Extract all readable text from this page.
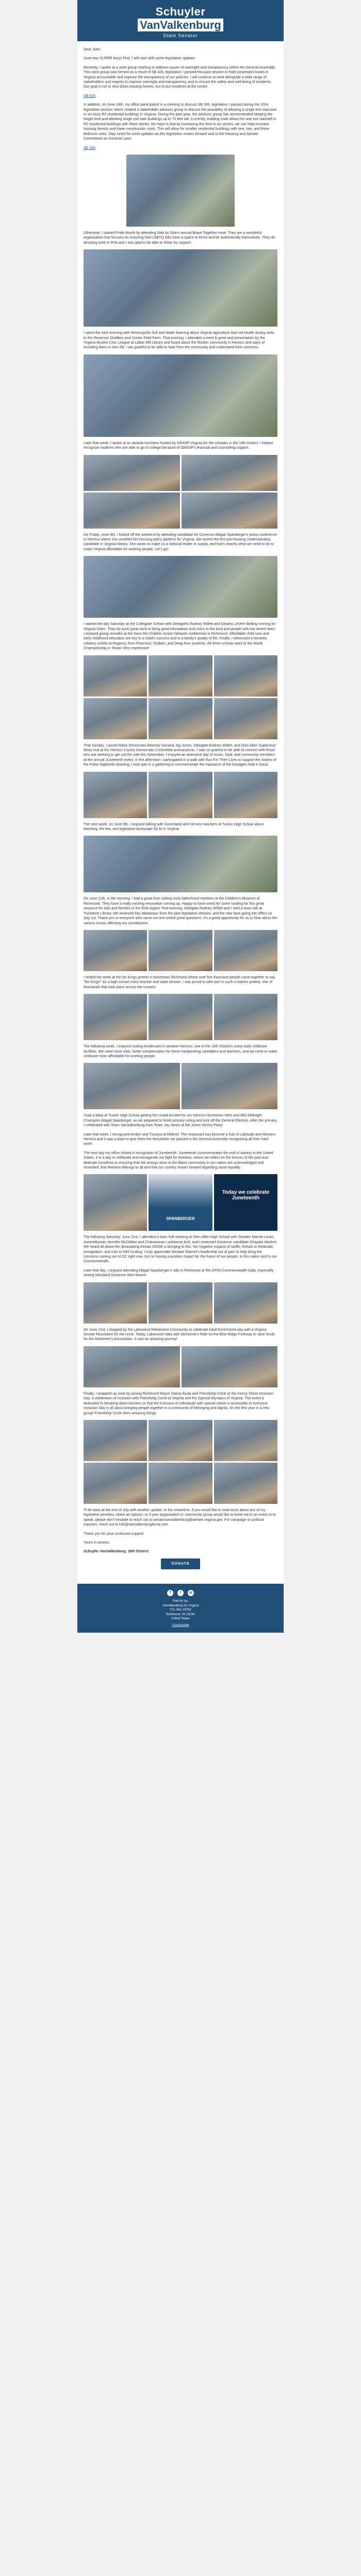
Schuyler
VanValkenburg
State Senator

Dear John,

June was SUPER busy! First, I will start with some legislative updates.

Recently, I spoke at a work group meeting to address issues of oversight and transparency within the General Assembly. This work group was formed as a result of SB 426, legislation I passed this past session to hold convenient boxes in Virginia accountable and improve the transparency of our policies. I will continue to work alongside a wide range of stakeholders and experts to improve oversight and transparency, and to ensure the safety and well-being of residents. Our goal is not to shut down existing homes, but to put residents at the center.

SB 426

In addition, on June 24th, my office participated in a meeting to discuss SB 395, legislation I passed during the 2024 legislative session which created a stakeholder advisory group to discuss the possibility of allowing a single exit staircase in six-story R2 residential buildings in Virginia. During the past year, the advisory group has recommended keeping the height limit and allowing single exit stair buildings up to 75 feet tall. Currently, building code allows for one exit stairwell in R2 residential buildings with three stories. My hope is that by increasing this limit to six stories, we can help increase housing density and lower construction costs. This will allow for smaller residential buildings with one, two, and three bedroom units. Stay tuned for more updates as this legislation moves forward and to the Housing and Senate Committees on General Laws.

SB 395

Otherwise, I started Pride Month by attending Side by Side's annual Brave Together meal. They are a wonderful organization that focuses on ensuring that LGBTQ kids have a space to thrive and be authentically themselves. They do amazing work in RVA and I was glad to be able to show my support.

I spent the next morning with Henricopolis Soil and Water learning about Virginia agriculture and soil health during visits to the Reservoir Distillery and Cream Field Farm. That evening, I attended a meet & greet and presentation by the Virginia Muslim Civic League at Libbie Mill Library and heard about the Muslim community in Henrico and ways of including them in civic life. I am grateful to be able to hear from the community and understand their concerns.

Later that week, I spoke at an awards luncheon hosted by GRASP Virginia for the scholars in the 16th District. I helped recognize students who are able to go to college because of GRASP's financial and counseling support.

On Friday, June 6th, I kicked off the weekend by attending candidate for Governor Abigail Spanberger's press conference in Henrico where she unveiled her housing policy platform for Virginia. We toured the first pro-housing Understanding candidate in Virginia history. She wants to make us a national leader in supply, and that's exactly what we need to do to make Virginia affordable for working people. Let's go!

I started the day Saturday at the Collegiate School with Delegates Rodney Willett and Destiny LeVere Bolling running for Virginia Votes. They do such great work to bring good information and civics to the kind and people with low recent fears. I enjoyed giving remarks at the Save the Children Action Network conference in Richmond. Affordable child care and early childhood education are key to a child's success and to a family's quality of life. Finally, I witnessed a fantastic robotics exhibit at Regency from Pinecrest, Godwin, and Deep Run students. All three schools went to the World Championship in Texas! Very impressive!

That Sunday, I joined fellow Democrats Attorney General Jay Jones, Delegate Rodney Willett, and Glen Allen Supervisor Misty Hull at the Henrico County Democratic Committee annual picnic. I was so grateful to be able to connect with those who are working to get out the vote this November. I enjoyed an awesome day of music, food, and community members at the annual Juneteenth event. In the afternoon I participated in a walk with Run For Their Lives to support the victims of the Pulse Nightclub shooting, I took part in a gathering to commemorate the massacre of the hostages held in Gaza.

The next week, on June 9th, I enjoyed talking with Goochland and Henrico teachers at Tucker High School about teaching, the law, and legislative landscape for AI in Virginia.

On June 11th, in the morning, I had a great time visiting early fatherhood mentees at the Children's Museum of Richmond. They have a really exciting renovation coming up. Happy to have voted for some funding for this great resource for kids and families in the RVA region! That evening, Delegate Rodney Willett and I held a town hall at Tuckahoe Library. We reviewed key takeaways from the past legislative session, and the new laws going into effect on July 1st. Thank you to everyone who came out and asked great questions. It's a great opportunity for us to hear about the various issues affecting our constituents.

I ended the week at the No Kings protest in downtown Richmond where over five thousand people came together to say "No Kings!" As a high school civics teacher and state senator, I was proud to take part in such a historic protest, one of thousands that took place across the country.

The following week, I enjoyed visiting Kindercare in western Henrico, one of the 16th District's many early childcare facilities. We need more slots, better compensation for these hardworking caretakers and teachers, and we need to make childcare more affordable for working people.

I had a blast at Tucker High School getting the crowd excited for our Henrico Hometown Hero and Afro-Midnight Champion Abigail Spanberger, as we prepared to finish primary voting and kick off the General Election. After the primary, I celebrated with Team VanValkenburg from Team Jay Jones at the Jones Victory Party!

Later that week, I recognized Amber and Tunaiya at Midmid. The restaurant has become a hub of Lakeside and Western Henrico and it was a blast to give them the Resolution we passed in the General Assembly recognizing all their hard work!

The next day my office closed in recognition of Juneteenth. Juneteenth commemorates the end of slavery in the United States. It is a day to celebrate and reinvigorate our fight for freedom, where we reflect on the horrors of the past and dedicate ourselves to ensuring that the wrongs done to the Black community in our nation are acknowledged and remedied, that freedom belongs to all and that our country moves forward regarding racial equality.

SPANBERGER
Today we celebrate Juneteenth

The following Saturday, June 21st, I attended a town hall meeting at Glen Allen High School with Senator Mamie Locke, Assemblyman Jennifer McClellan and Chairwoman Lashrecse Aird, and Lieutenant Governor candidate Ghazala Hashmi. We heard all about the devastating threats DOGE is bringing to this, the negative impacts of tariffs, threats to Medicaid, immigration, and cuts to NIH funding. I truly appreciate Senator Warner's leadership out of pain to help bring the concerns coming out of DC right now, but no having a positive impact for the future of our people, in this nation and in our Commonwealth.

Later that day, I enjoyed attending Abigail Spanberger's rally in Richmond at the DPVA Commonwealth Gala, especially seeing Maryland Governor Wes Moore!

On June 21st, I stopped by the Lakewood Retirement Community to celebrate Adult Enrichment day with a Virginia Senate Resolution for the circle. Today, Lakewood rides with Alzheimer's Ride on the Blue Ridge Parkway to raise funds for the Alzheimer's Association. It was an amazing journey!

Finally, I wrapped up June by joining Richmond Mayor Danny Avula and Friendship Circle at the Kenny Shore Inclusion Day, a celebration of inclusion with Friendship Circle of Virginia and the Special Olympics of Virginia. The event is dedicated to breaking down barriers so that the inclusion of individuals with special needs is accessible to everyone. Inclusion Day is all about bringing people together in a community of belonging and dignity. It's the first year in a new group! Friendship Circle does amazing things.

I'll be back at the end of July with another update. In the meantime, if you would like to read more about any of my legislative priorities, share an opinion, or if your organization or community group would like to invite me to an event or to speak, please don't hesitate to reach out at senatorvanvalkenburg@senate.virginia.gov. For campaign or political inquiries, reach out to info@vanvalkenburgforva.com.

Thank you for your continued support.

Yours in service,

Schuyler VanValkenburg, 16th District

DONATE
f t ◎
Paid for by:
VanValkenburg for Virginia
P.O. Box 29762
Richmond, VA 23242
United States
Unsubscribe
